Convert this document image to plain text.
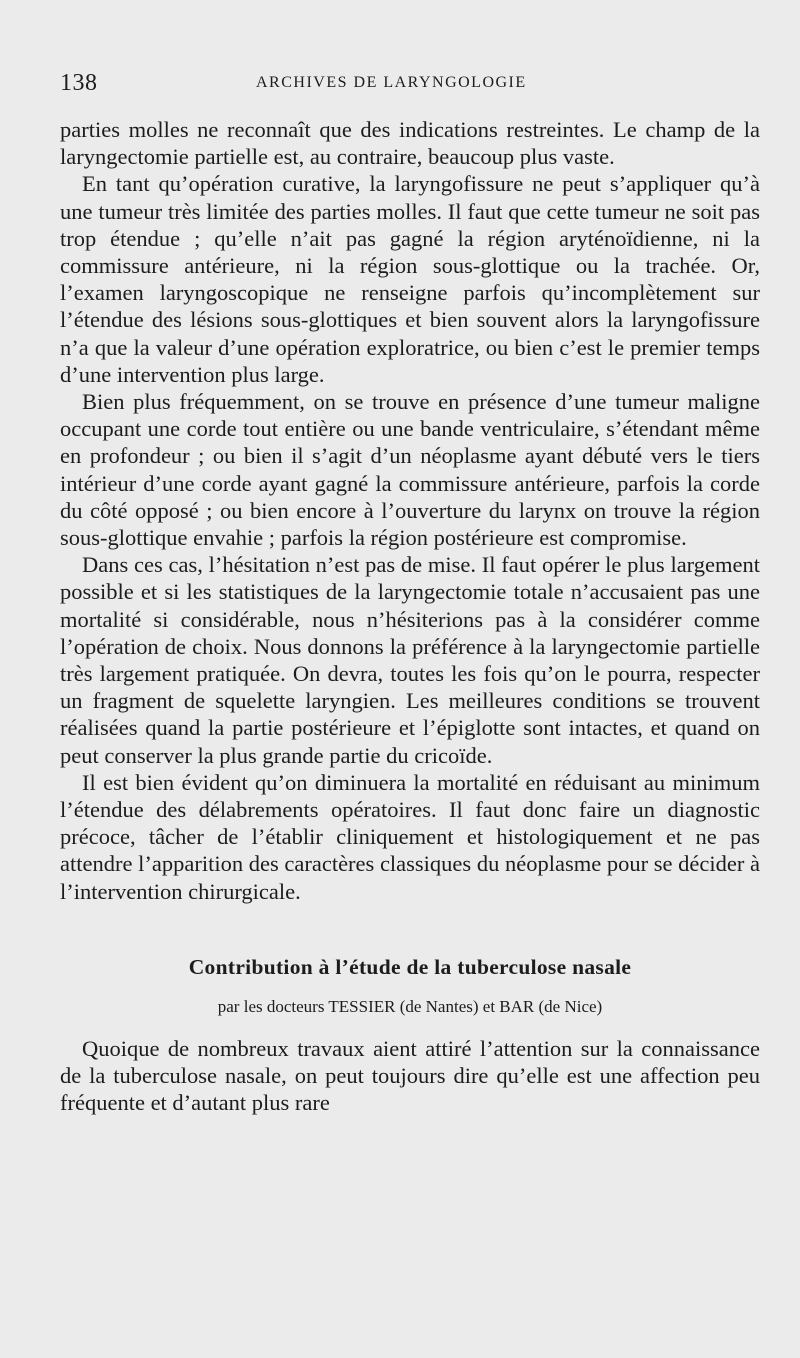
138	ARCHIVES DE LARYNGOLOGIE

parties molles ne reconnaît que des indications restreintes. Le champ de la laryngectomie partielle est, au contraire, beaucoup plus vaste.

En tant qu’opération curative, la laryngofissure ne peut s’appliquer qu’à une tumeur très limitée des parties molles. Il faut que cette tumeur ne soit pas trop étendue ; qu’elle n’ait pas gagné la région aryténoïdienne, ni la commissure antérieure, ni la région sous-glottique ou la trachée. Or, l’examen laryngoscopique ne renseigne parfois qu’incomplètement sur l’étendue des lésions sous-glottiques et bien souvent alors la laryngofissure n’a que la valeur d’une opération exploratrice, ou bien c’est le premier temps d’une intervention plus large.

Bien plus fréquemment, on se trouve en présence d’une tumeur maligne occupant une corde tout entière ou une bande ventriculaire, s’étendant même en profondeur ; ou bien il s’agit d’un néoplasme ayant débuté vers le tiers intérieur d’une corde ayant gagné la commissure antérieure, parfois la corde du côté opposé ; ou bien encore à l’ouverture du larynx on trouve la région sous-glottique envahie ; parfois la région postérieure est compromise.

Dans ces cas, l’hésitation n’est pas de mise. Il faut opérer le plus largement possible et si les statistiques de la laryngectomie totale n’accusaient pas une mortalité si considérable, nous n’hésiterions pas à la considérer comme l’opération de choix. Nous donnons la préférence à la laryngectomie partielle très largement pratiquée. On devra, toutes les fois qu’on le pourra, respecter un fragment de squelette laryngien. Les meilleures conditions se trouvent réalisées quand la partie postérieure et l’épiglotte sont intactes, et quand on peut conserver la plus grande partie du cricoïde.

Il est bien évident qu’on diminuera la mortalité en réduisant au minimum l’étendue des délabrements opératoires. Il faut donc faire un diagnostic précoce, tâcher de l’établir cliniquement et histologiquement et ne pas attendre l’apparition des caractères classiques du néoplasme pour se décider à l’intervention chirurgicale.

Contribution à l’étude de la tuberculose nasale
par les docteurs TESSIER (de Nantes) et BAR (de Nice)

Quoique de nombreux travaux aient attiré l’attention sur la connaissance de la tuberculose nasale, on peut toujours dire qu’elle est une affection peu fréquente et d’autant plus rare
